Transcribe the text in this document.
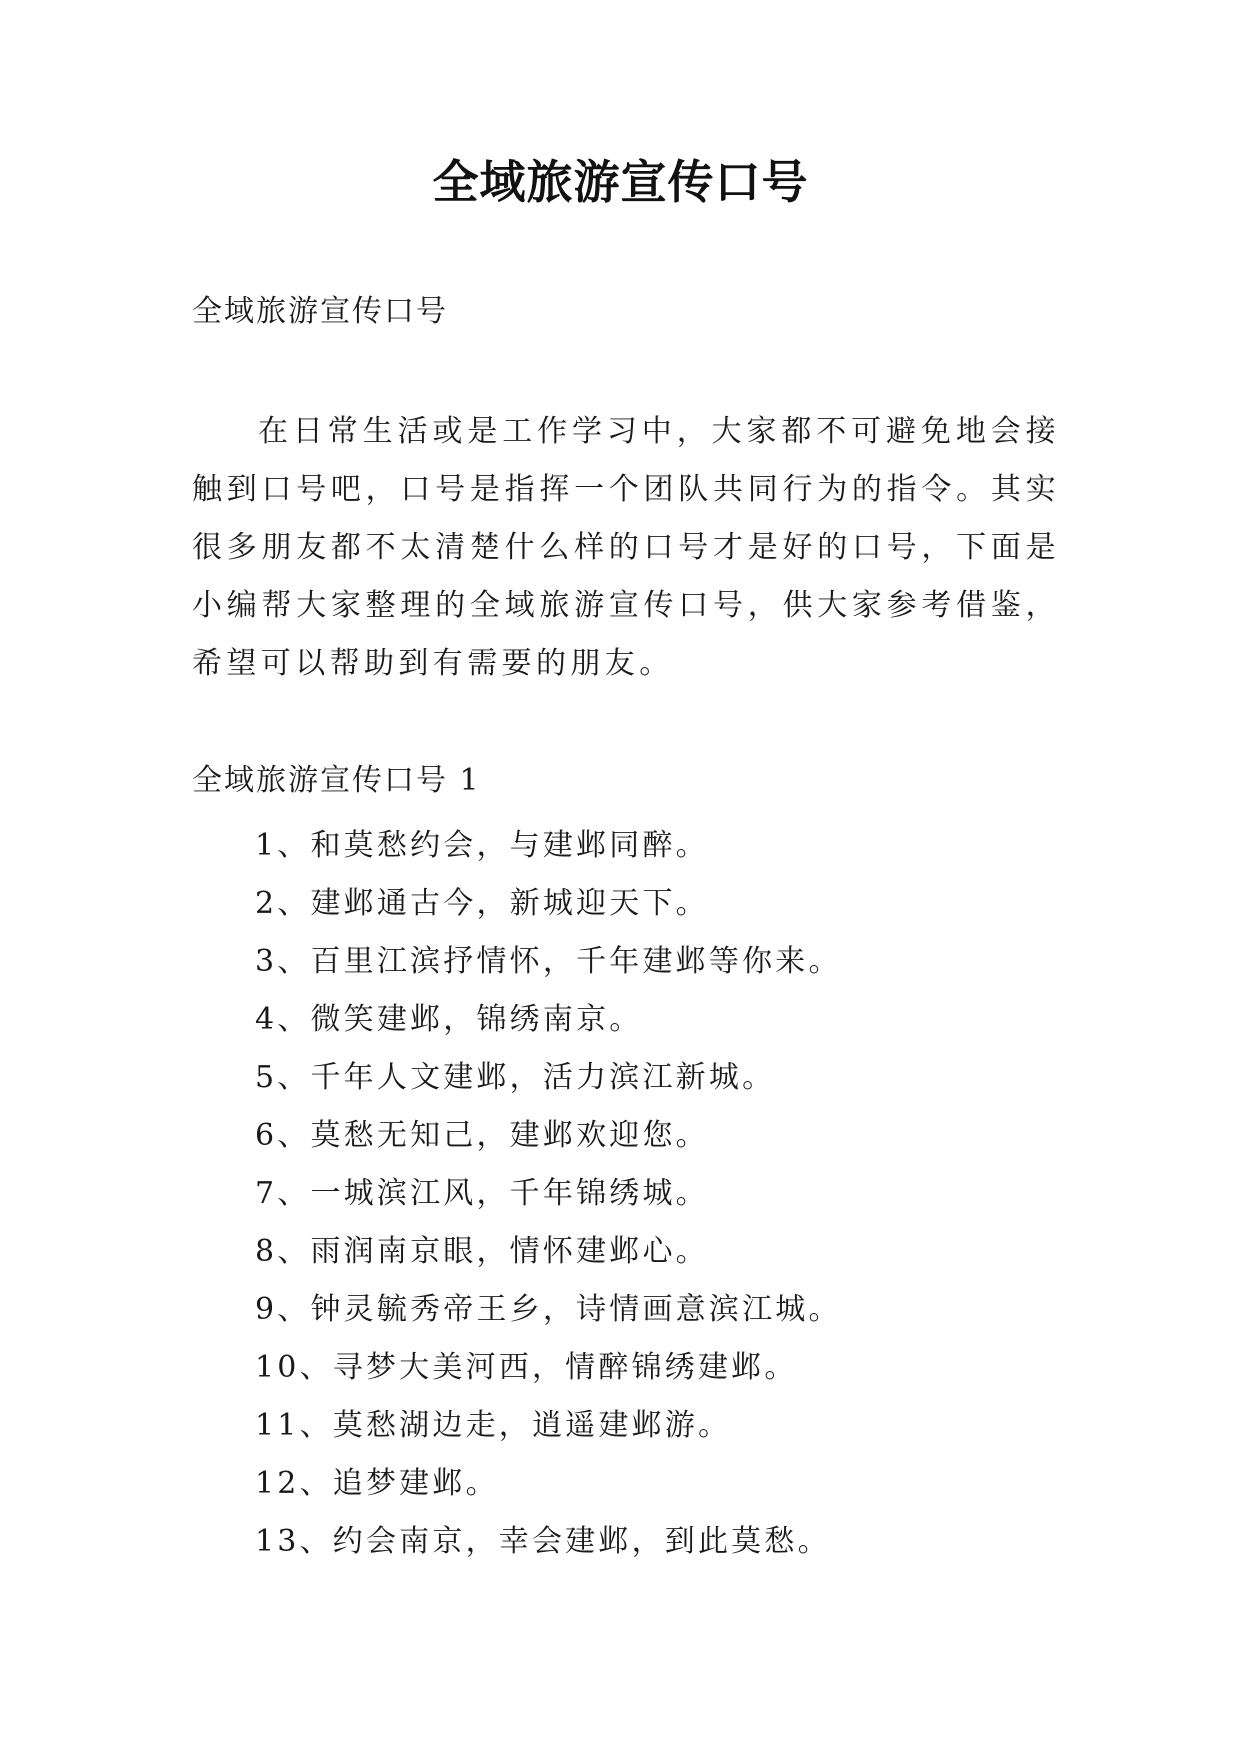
全域旅游宣传口号
全域旅游宣传口号

在日常生活或是工作学习中，大家都不可避免地会接触到口号吧，口号是指挥一个团队共同行为的指令。其实很多朋友都不太清楚什么样的口号才是好的口号，下面是小编帮大家整理的全域旅游宣传口号，供大家参考借鉴，希望可以帮助到有需要的朋友。

全域旅游宣传口号 1
1、和莫愁约会，与建邺同醉。
2、建邺通古今，新城迎天下。
3、百里江滨抒情怀，千年建邺等你来。
4、微笑建邺，锦绣南京。
5、千年人文建邺，活力滨江新城。
6、莫愁无知己，建邺欢迎您。
7、一城滨江风，千年锦绣城。
8、雨润南京眼，情怀建邺心。
9、钟灵毓秀帝王乡，诗情画意滨江城。
10、寻梦大美河西，情醉锦绣建邺。
11、莫愁湖边走，逍遥建邺游。
12、追梦建邺。
13、约会南京，幸会建邺，到此莫愁。
